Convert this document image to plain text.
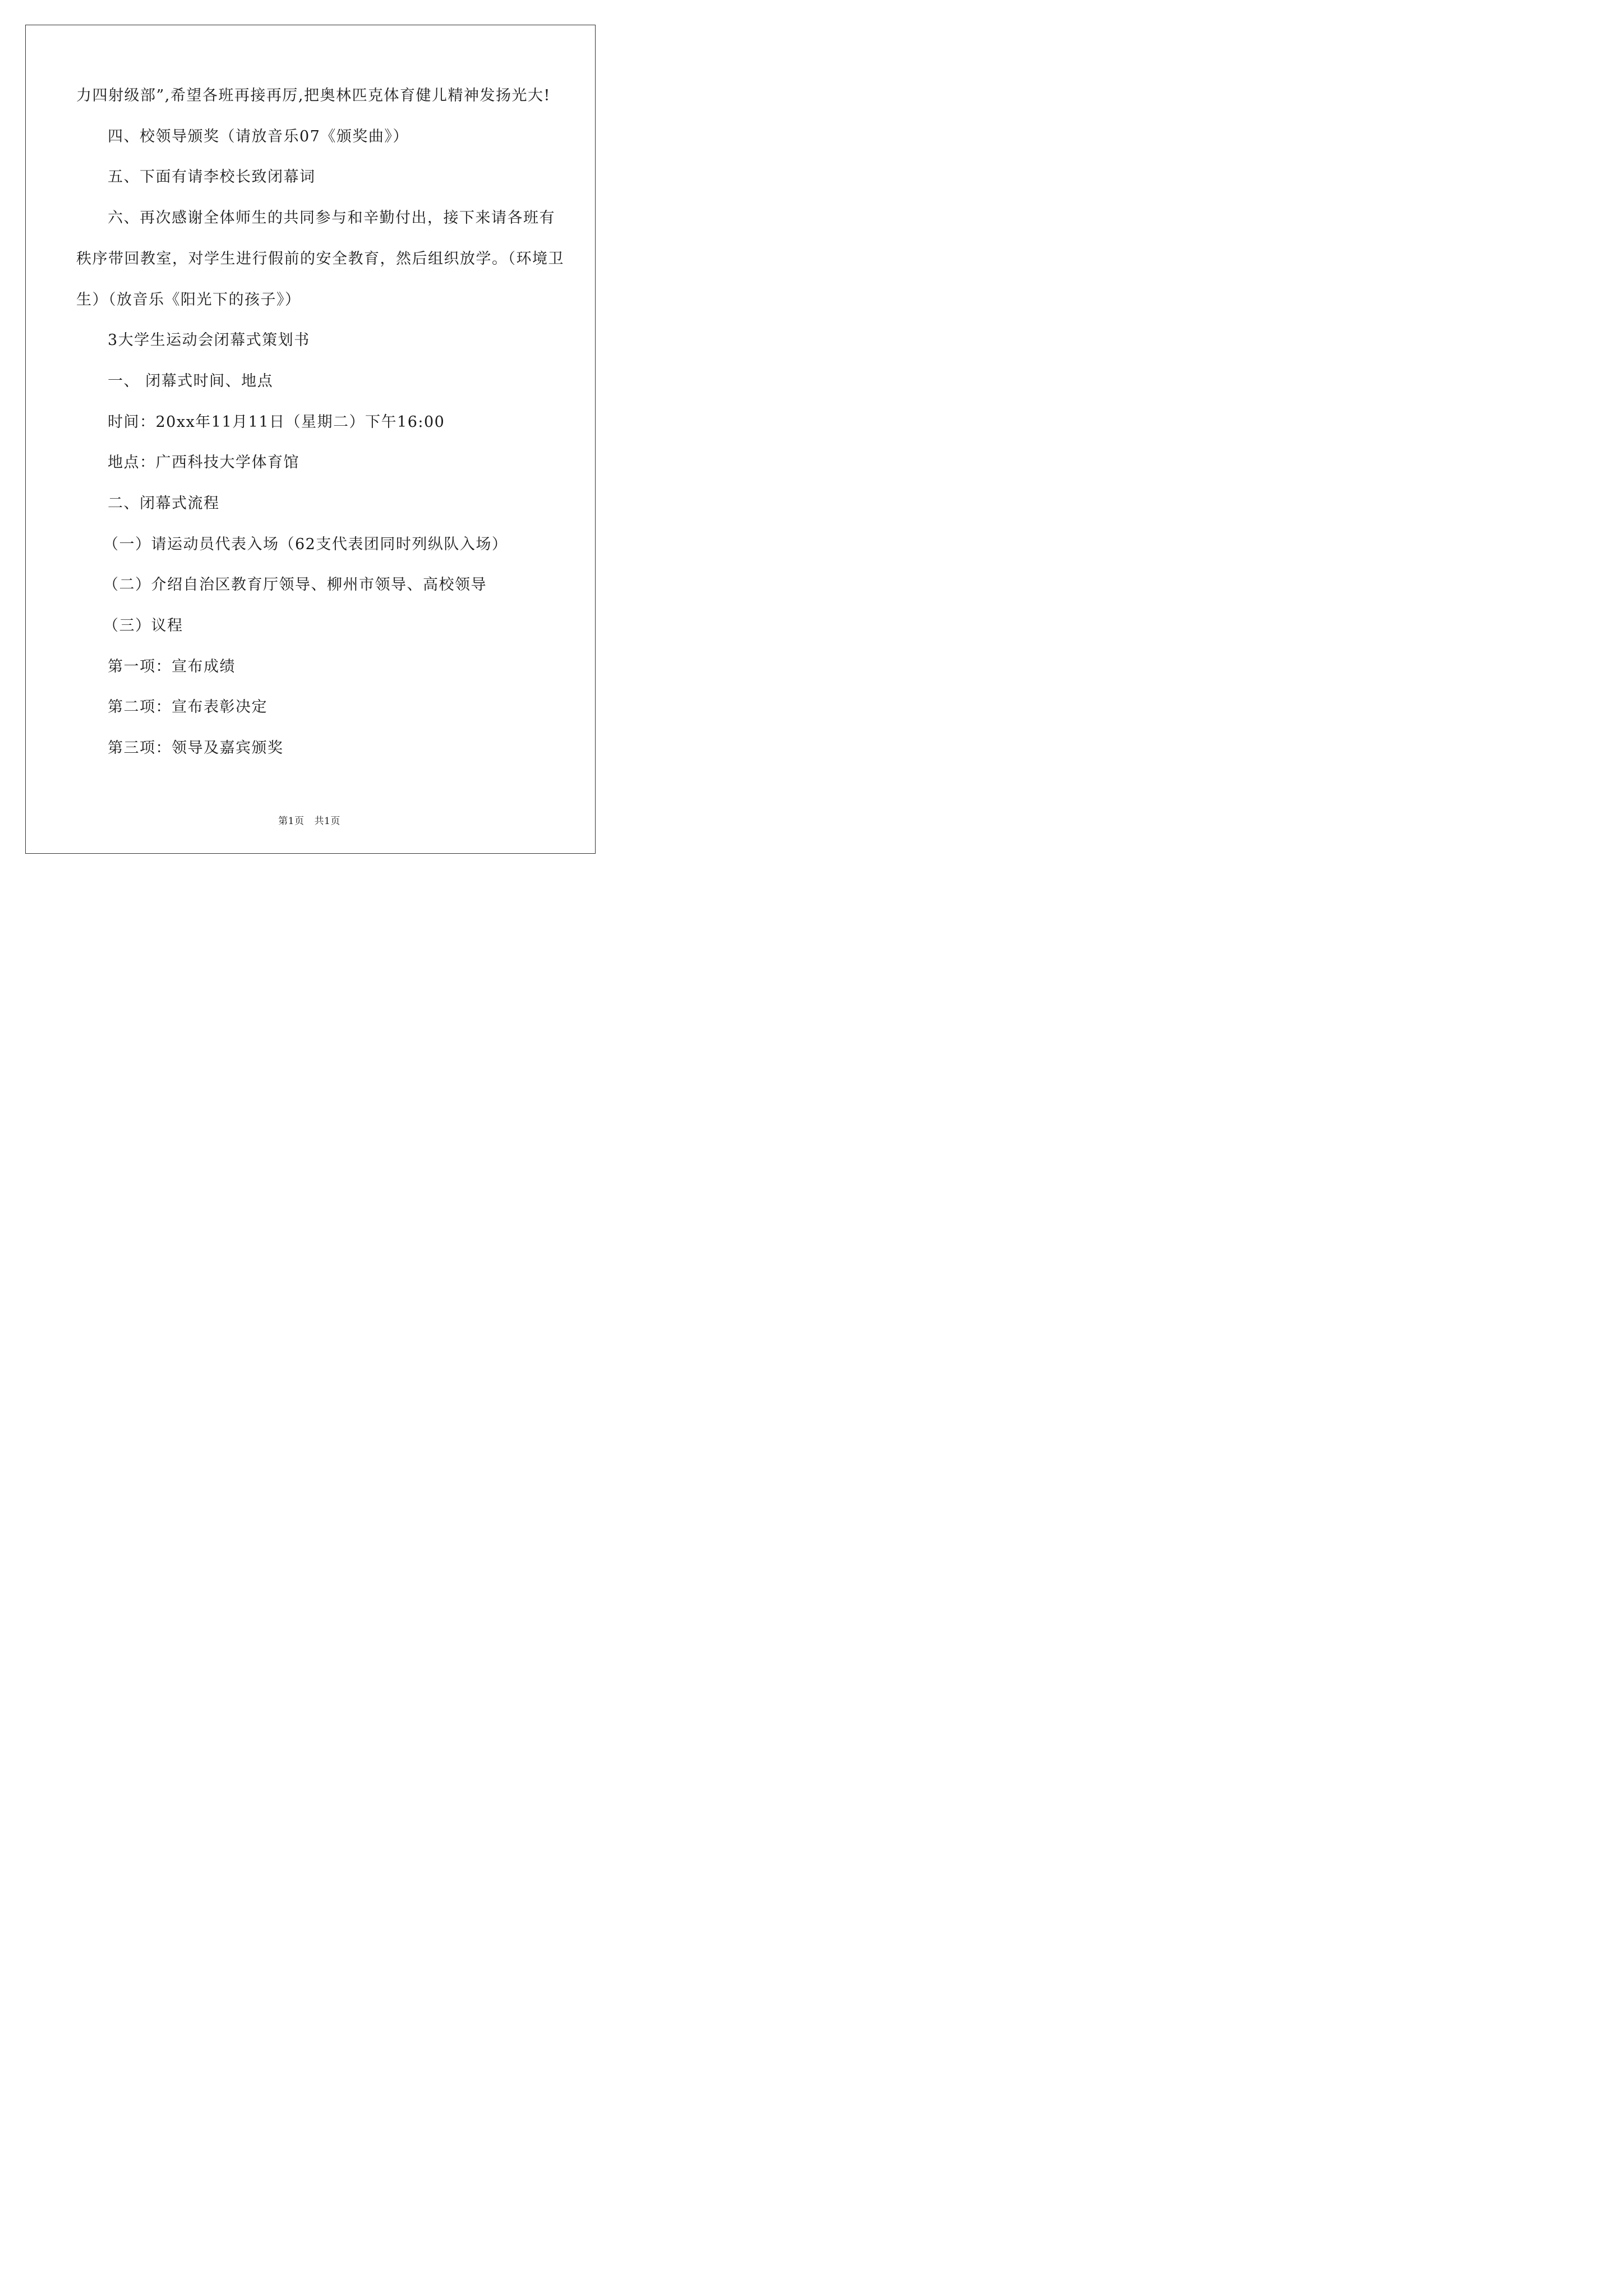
力四射级部”,希望各班再接再厉,把奥林匹克体育健儿精神发扬光大!
四、校领导颁奖（请放音乐07《颁奖曲》）
五、下面有请李校长致闭幕词
六、再次感谢全体师生的共同参与和辛勤付出，接下来请各班有
秩序带回教室，对学生进行假前的安全教育，然后组织放学。（环境卫
生）（放音乐《阳光下的孩子》）
3大学生运动会闭幕式策划书
一、 闭幕式时间、地点
时间：20xx年11月11日（星期二）下午16:00
地点：广西科技大学体育馆
二、闭幕式流程
（一）请运动员代表入场（62支代表团同时列纵队入场）
（二）介绍自治区教育厅领导、柳州市领导、高校领导
（三）议程
第一项：宣布成绩
第二项：宣布表彰决定
第三项：领导及嘉宾颁奖
第1页 共1页
